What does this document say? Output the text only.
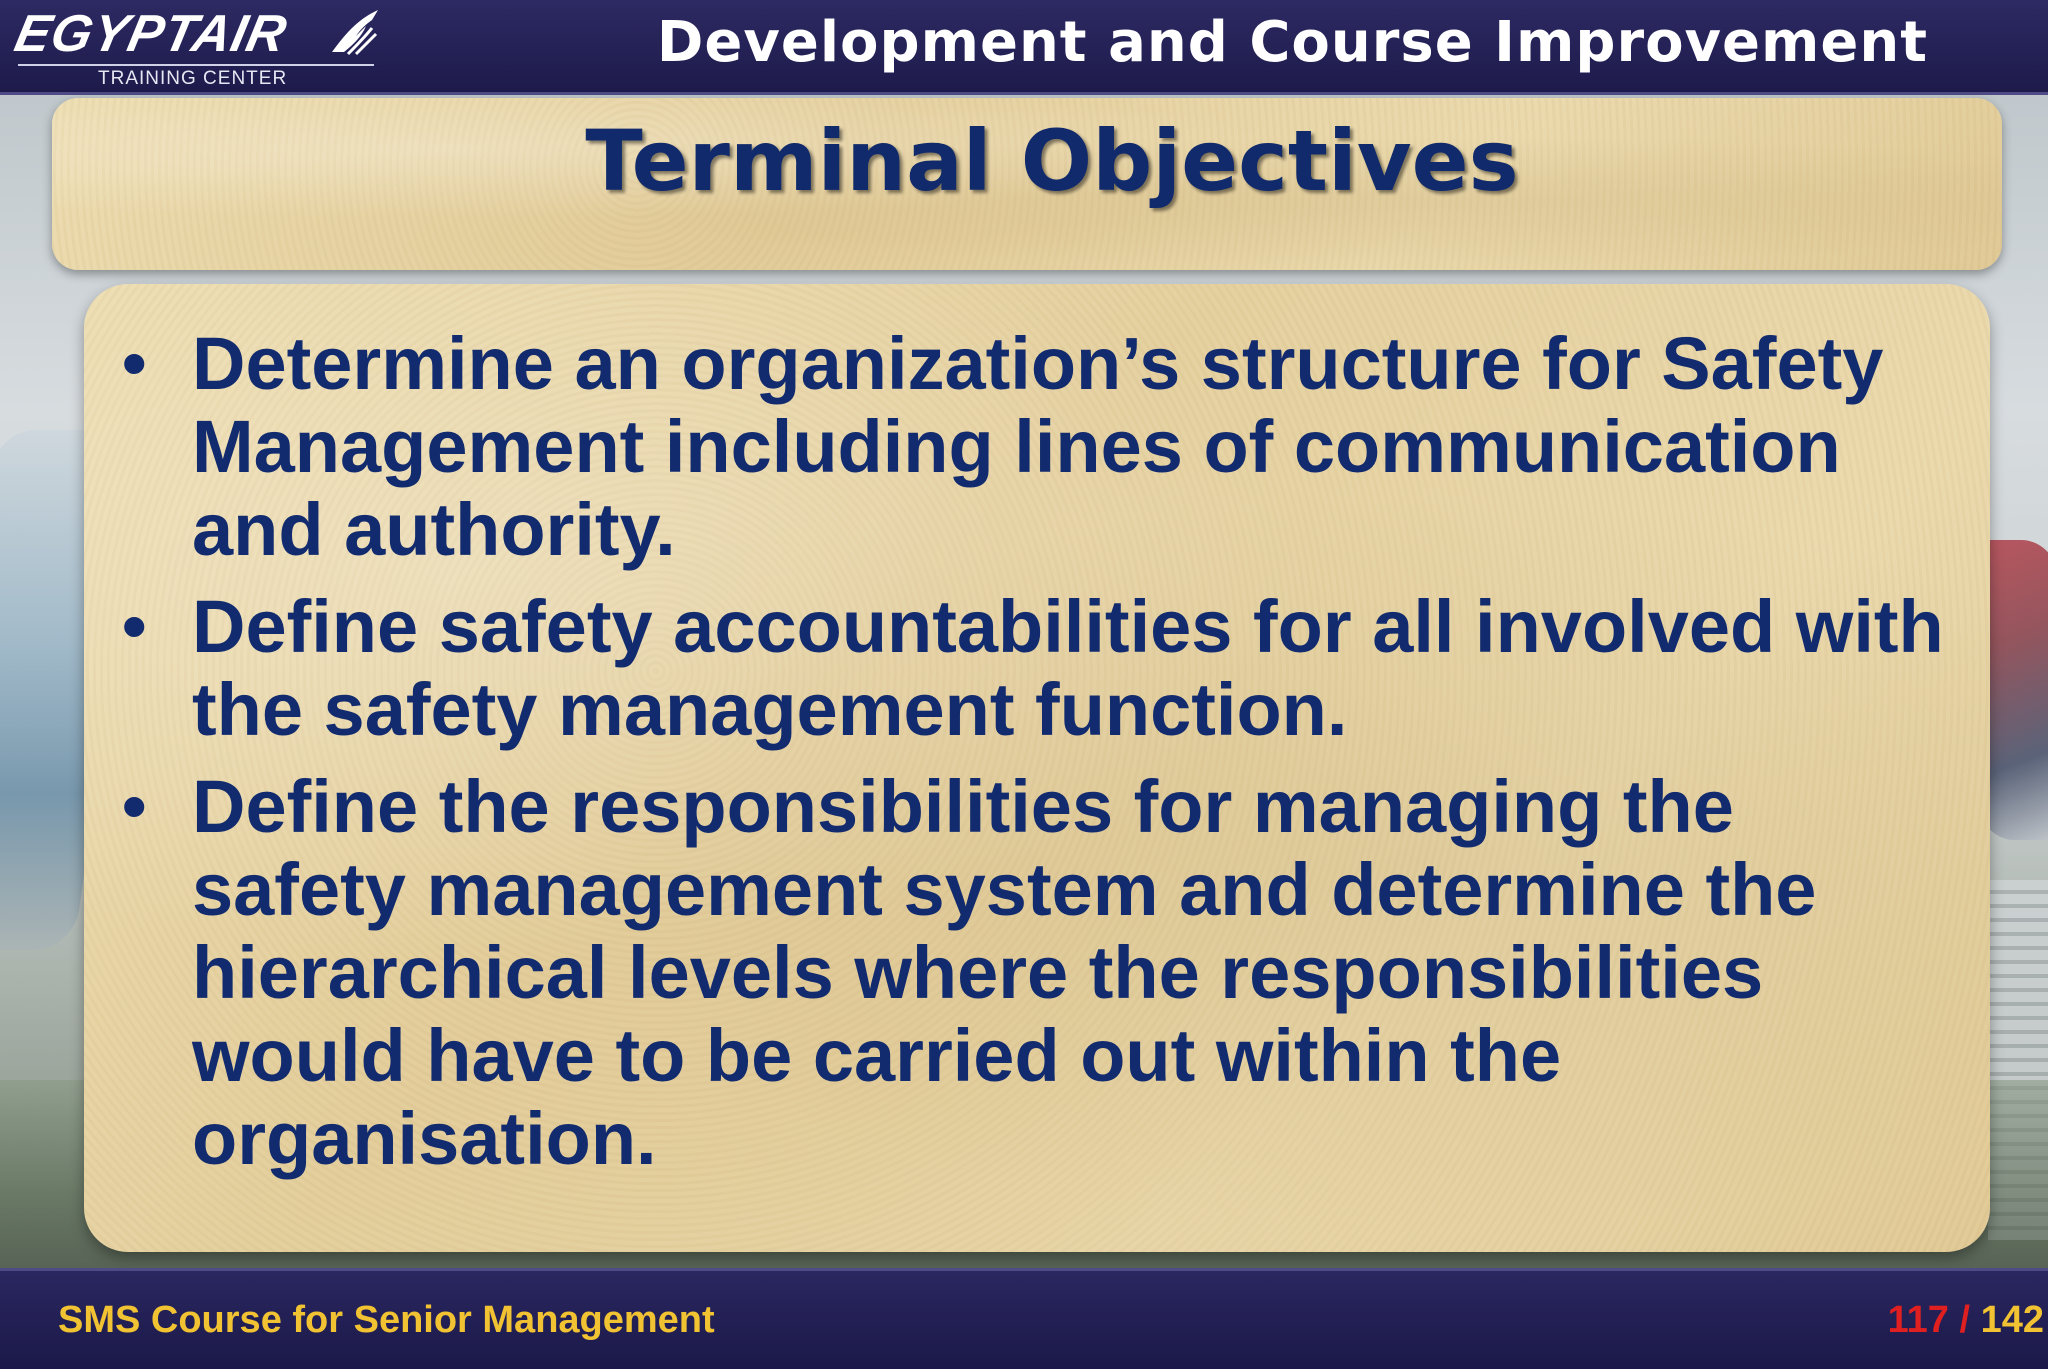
EGYPTAIR
TRAINING CENTER
Development and Course Improvement
Terminal Objectives
• Determine an organization’s structure for Safety Management including lines of communication and authority.
• Define safety accountabilities for all involved with the safety management function.
• Define the responsibilities for managing the safety management system and determine the hierarchical levels where the responsibilities would have to be carried out within the organisation.
SMS Course for Senior Management	117 / 142
